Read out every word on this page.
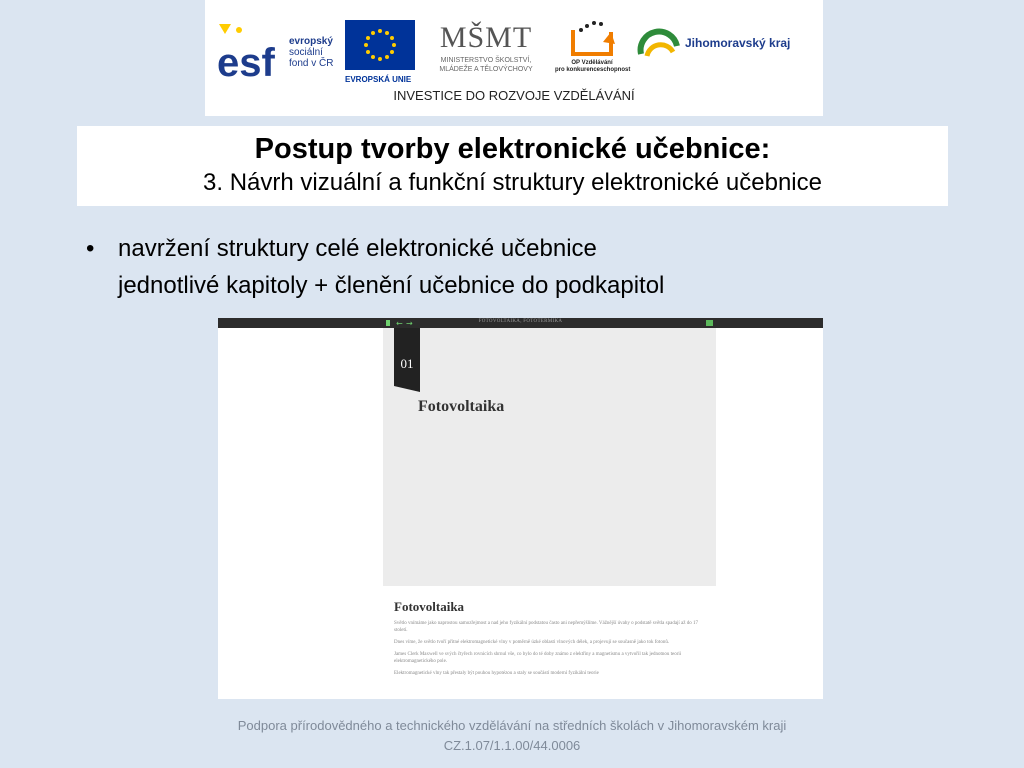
esf evropský
sociální
fond v ČR
EVROPSKÁ UNIE
MŠMT
MINISTERSTVO ŠKOLSTVÍ,
MLÁDEŽE A TĚLOVÝCHOVY
OP Vzdělávání
pro konkurenceschopnost
Jihomoravský kraj
INVESTICE DO ROZVOJE VZDĚLÁVÁNÍ
Postup tvorby elektronické učebnice:
3. Návrh vizuální a funkční struktury elektronické učebnice
• navržení struktury celé elektronické učebnice
jednotlivé kapitoly + členění učebnice do podkapitol
← →	FOTOVOLTAIKA, FOTOTERMIKA
01
Fotovoltaika
Fotovoltaika
Světlo vnímáme jako naprostou samozřejmost a nad jeho fyzikální podstatou často ani nepřemýšlíme. Vážnější úvahy o podstatě světla spadají až do 17 století.
Dnes víme, že světlo tvoří přitné elektromagnetické vlny v poměrně úzké oblasti vlnových délek, a projevují se současně jako tok fotonů.
James Clerk Maxwell ve svých čtyřech rovnicích shrnul vše, co bylo do té doby známo z elektřiny a magnetismu a vytvořil tak jednotnou teorii elektromagnetického pole.
Elektromagnetické vlny tak přestaly být pouhou hypotézou a staly se součástí moderní fyzikální teorie
Podpora přírodovědného a technického vzdělávání na středních školách v Jihomoravském kraji
CZ.1.07/1.1.00/44.0006
